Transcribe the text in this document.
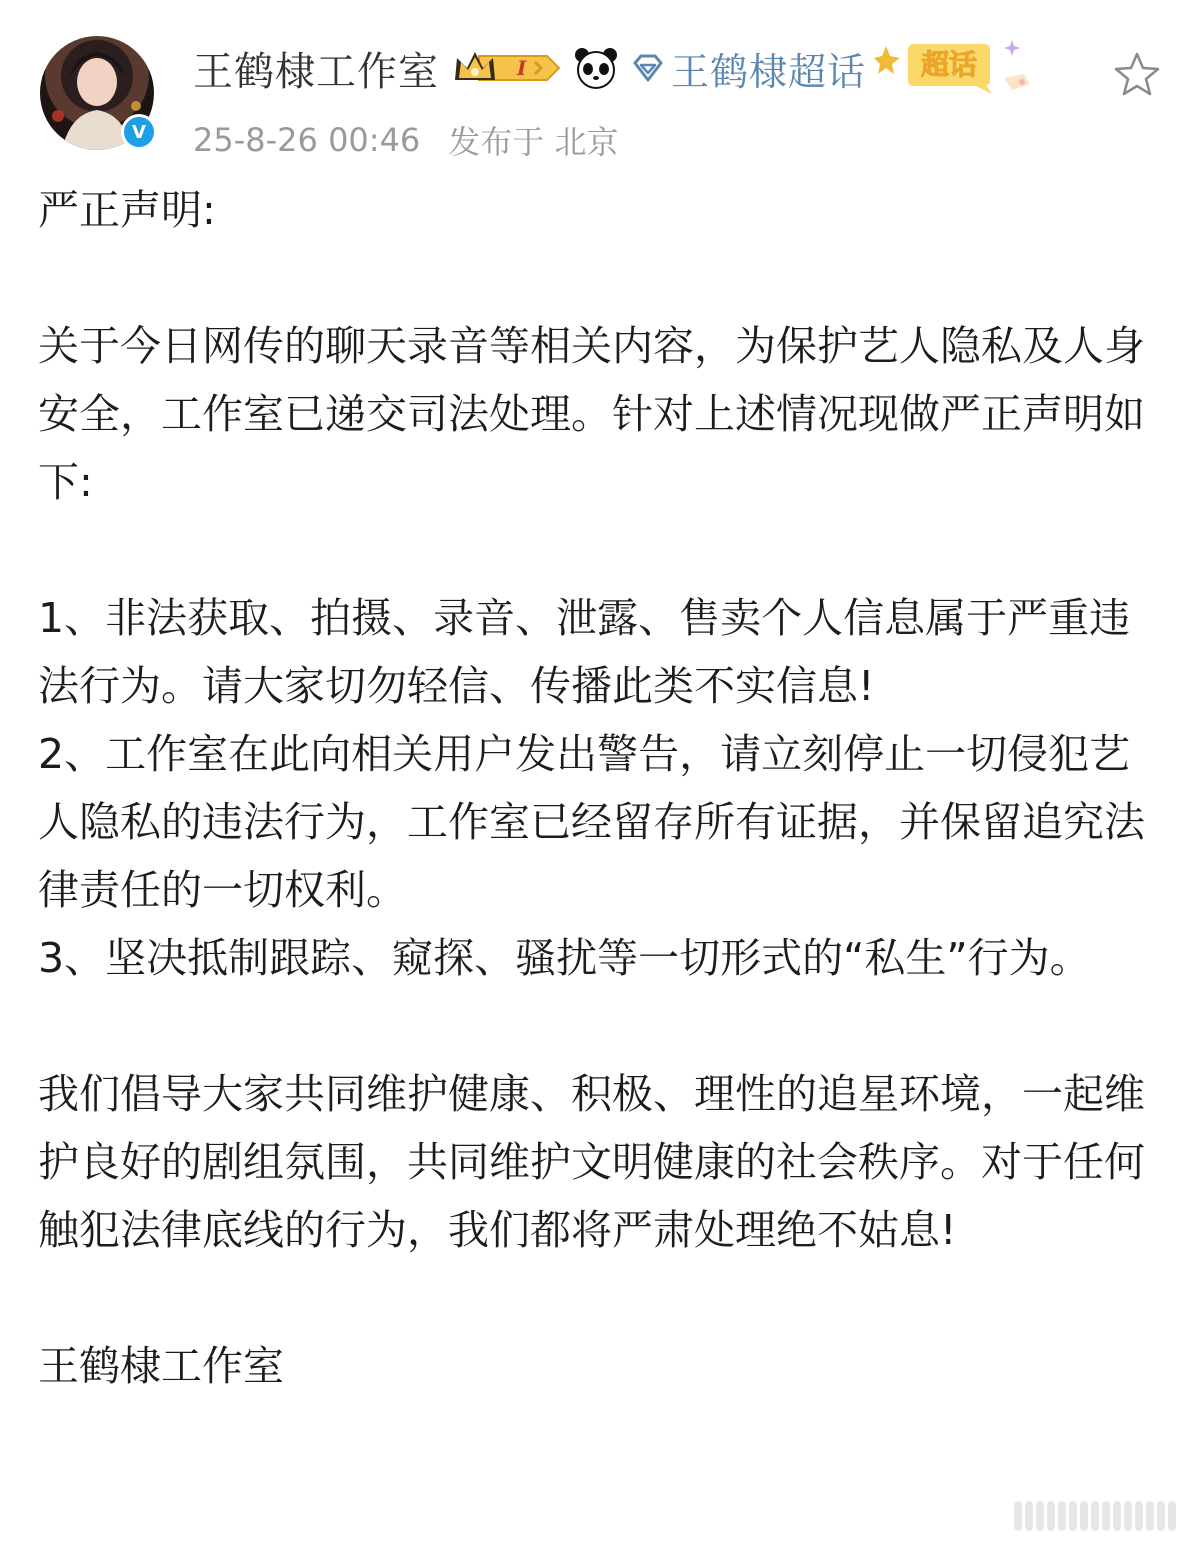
V
王鹤棣工作室	I	王鹤棣超话 超话
25-8-26 00:46 发布于 北京

严正声明:

关于今日网传的聊天录音等相关内容，为保护艺人隐私及人身安全，工作室已递交司法处理。针对上述情况现做严正声明如下:

1、非法获取、拍摄、录音、泄露、售卖个人信息属于严重违法行为。请大家切勿轻信、传播此类不实信息!

2、工作室在此向相关用户发出警告，请立刻停止一切侵犯艺人隐私的违法行为，工作室已经留存所有证据，并保留追究法律责任的一切权利。

3、坚决抵制跟踪、窥探、骚扰等一切形式的“私生”行为。

我们倡导大家共同维护健康、积极、理性的追星环境，一起维护良好的剧组氛围，共同维护文明健康的社会秩序。对于任何触犯法律底线的行为，我们都将严肃处理绝不姑息!

王鹤棣工作室
